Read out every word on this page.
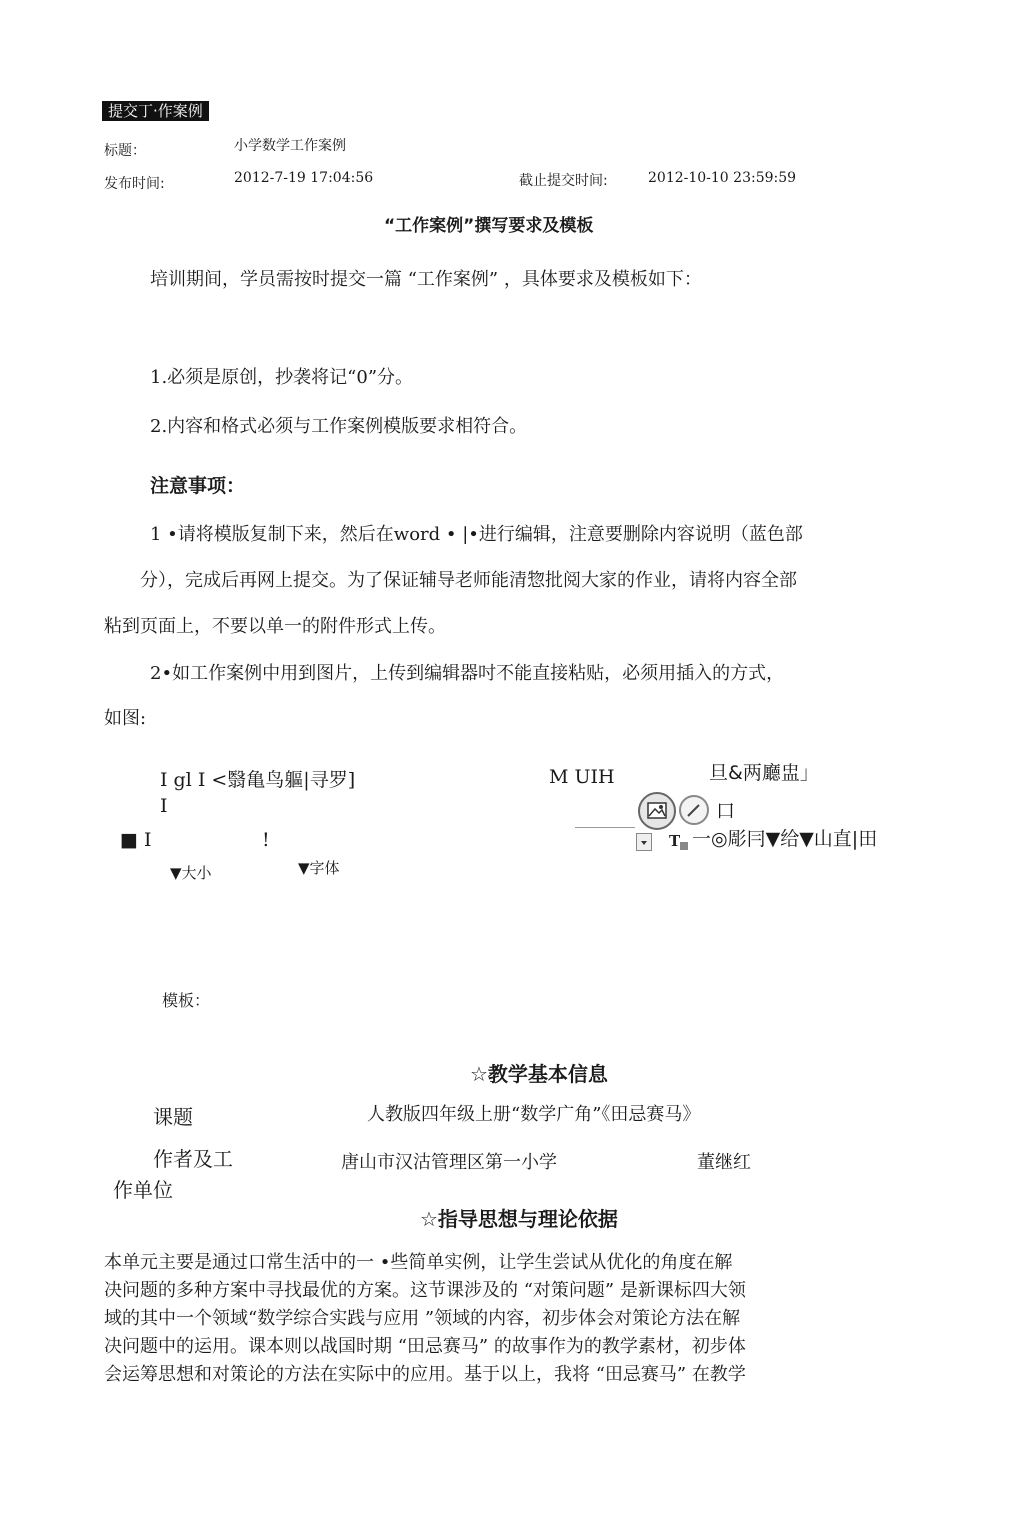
提交丁·作案例
标题：	小学数学工作案例
发布时间:	2012-7-19 17:04:56	截止提交时间:	2012-10-10 23:59:59
“工作案例”撰写要求及模板
培训期间，学员需按时提交一篇 “工作案例” ，具体要求及模板如下：
1.必须是原创，抄袭将记“0”分。
2.内容和格式必须与工作案例模版要求相符合。
注意事项：
1 •请将模版复制下来，然后在word • |•进行编辑，注意要删除内容说明（蓝色部
分），完成后再网上提交。为了保证辅导老师能清惣批阅大家的作业，请将内容全部
粘到页面上，不要以单一的附件形式上传。
2•如工作案例中用到图片，上传到编辑器吋不能直接粘贴，必须用插入的方式，
如图:
I gl I <翳亀鸟軀|寻罗]
I
■ I	!
▼大小	▼字体
M UIH
T
旦&两廳盅」
口
一◎彫冃▼给▼山直|田
模板：
☆教学基本信息
课题	人教版四年级上册“数学广角”《田忌赛马》
作者及工
作单位
唐山市汉沽管理区第一小学	董继红
☆指导思想与理论依据
本单元主要是通过口常生活中的一 •些简单实例，让学生尝试从优化的角度在解
决问题的多种方案中寻找最优的方案。这节课涉及的 “对策问题” 是新课标四大领
域的其中一个领域“数学综合实践与应用 ”领域的内容，初步体会对策论方法在解
决问题中的运用。课本则以战国时期 “田忌赛马” 的故事作为的教学素材，初步体
会运筹思想和对策论的方法在实际中的应用。基于以上，我将 “田忌赛马” 在教学
